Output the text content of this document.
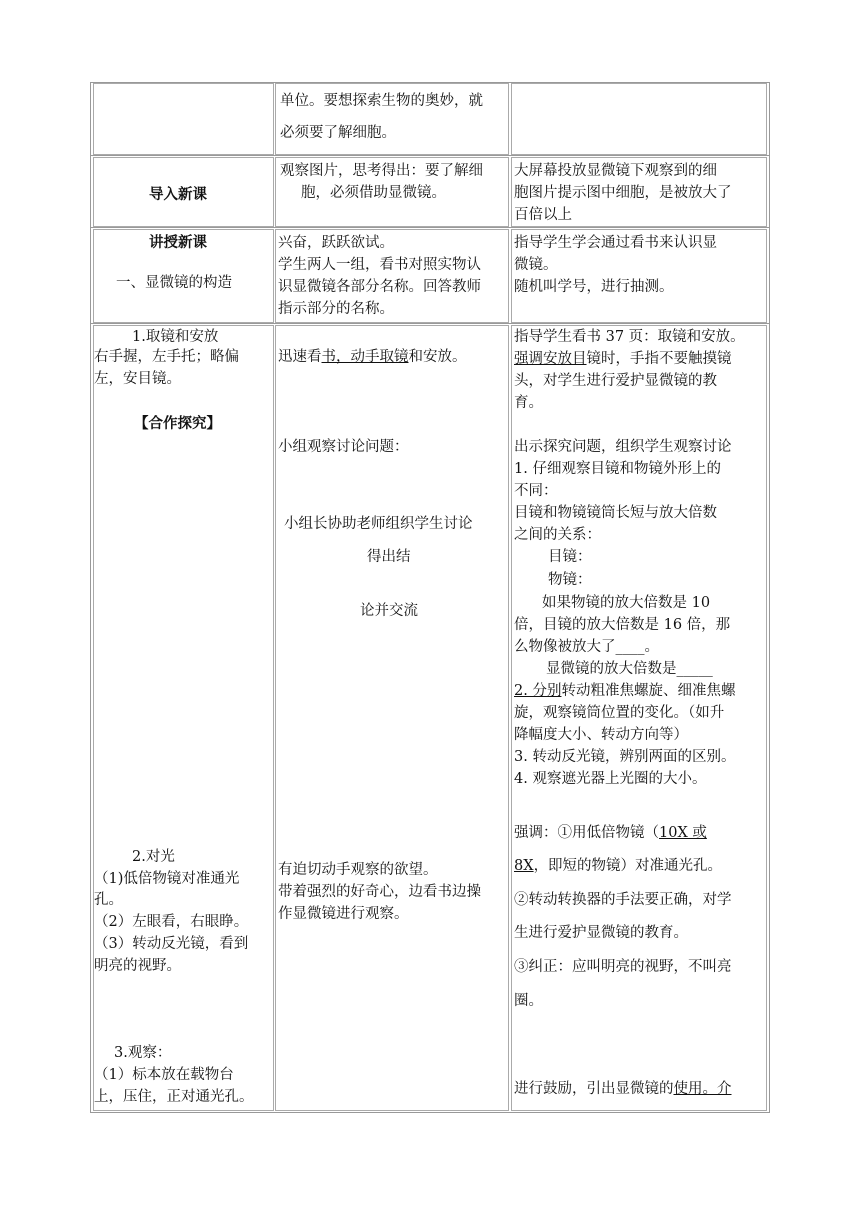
单位。要想探索生物的奥妙，就
必须要了解细胞。
导入新课
观察图片，思考得出：要了解细
胞，必须借助显微镜。
大屏幕投放显微镜下观察到的细
胞图片提示图中细胞，是被放大了
百倍以上
讲授新课
一、显微镜的构造
兴奋，跃跃欲试。
学生两人一组，看书对照实物认
识显微镜各部分名称。回答教师
指示部分的名称。
指导学生学会通过看书来认识显
微镜。
随机叫学号，进行抽测。
1.取镜和安放
右手握，左手托；略偏
左，安目镜。
【合作探究】
2.对光
（1)低倍物镜对准通光
孔。
（2）左眼看，右眼睁。
（3）转动反光镜，看到
明亮的视野。
3.观察：
（1）标本放在载物台
上，压住，正对通光孔。
迅速看书，动手取镜和安放。
小组观察讨论问题：
小组长协助老师组织学生讨论
得出结
论并交流
有迫切动手观察的欲望。
带着强烈的好奇心，边看书边操
作显微镜进行观察。
指导学生看书 37 页：取镜和安放。
强调安放目镜时，手指不要触摸镜
头，对学生进行爱护显微镜的教
育。
出示探究问题，组织学生观察讨论
1. 仔细观察目镜和物镜外形上的
不同：
目镜和物镜镜筒长短与放大倍数
之间的关系：
目镜：
物镜：
如果物镜的放大倍数是 10
倍，目镜的放大倍数是 16 倍，那
么物像被放大了____。
显微镜的放大倍数是_____
2. 分别转动粗准焦螺旋、细准焦螺
旋，观察镜筒位置的变化。（如升
降幅度大小、转动方向等）
3. 转动反光镜，辨别两面的区别。
4. 观察遮光器上光圈的大小。
强调：①用低倍物镜（10X 或
8X，即短的物镜）对准通光孔。
②转动转换器的手法要正确，对学
生进行爱护显微镜的教育。
③纠正：应叫明亮的视野，不叫亮
圈。
进行鼓励，引出显微镜的使用。介
